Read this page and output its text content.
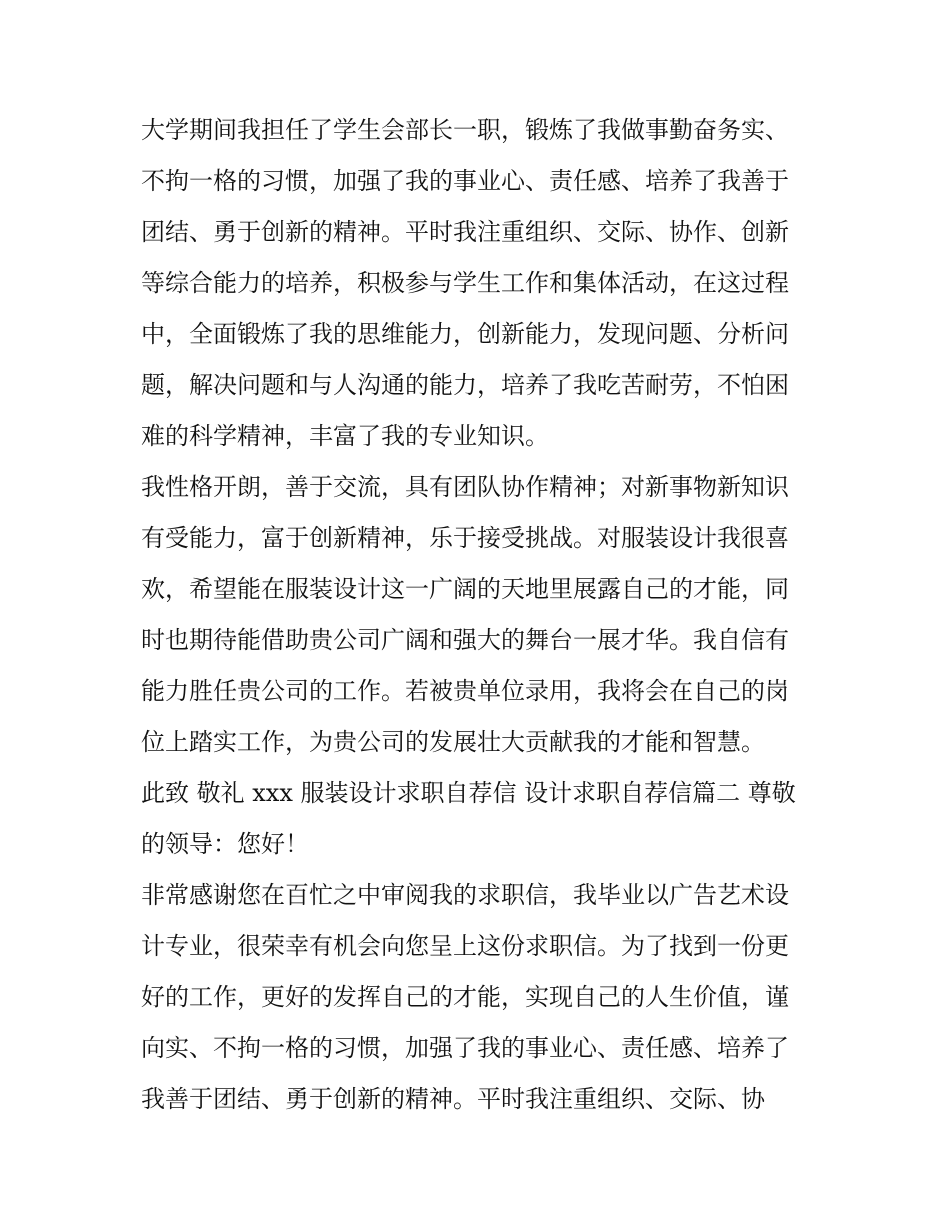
大学期间我担任了学生会部长一职，锻炼了我做事勤奋务实、
不拘一格的习惯，加强了我的事业心、责任感、培养了我善于
团结、勇于创新的精神。平时我注重组织、交际、协作、创新
等综合能力的培养，积极参与学生工作和集体活动，在这过程
中，全面锻炼了我的思维能力，创新能力，发现问题、分析问
题，解决问题和与人沟通的能力，培养了我吃苦耐劳，不怕困
难的科学精神，丰富了我的专业知识。
我性格开朗，善于交流，具有团队协作精神；对新事物新知识
有受能力，富于创新精神，乐于接受挑战。对服装设计我很喜
欢，希望能在服装设计这一广阔的天地里展露自己的才能，同
时也期待能借助贵公司广阔和强大的舞台一展才华。我自信有
能力胜任贵公司的工作。若被贵单位录用，我将会在自己的岗
位上踏实工作，为贵公司的发展壮大贡献我的才能和智慧。
此致 敬礼 xxx 服装设计求职自荐信 设计求职自荐信篇二 尊敬
的领导：您好！
非常感谢您在百忙之中审阅我的求职信，我毕业以广告艺术设
计专业，很荣幸有机会向您呈上这份求职信。为了找到一份更
好的工作，更好的发挥自己的才能，实现自己的人生价值，谨
向实、不拘一格的习惯，加强了我的事业心、责任感、培养了
我善于团结、勇于创新的精神。平时我注重组织、交际、协
